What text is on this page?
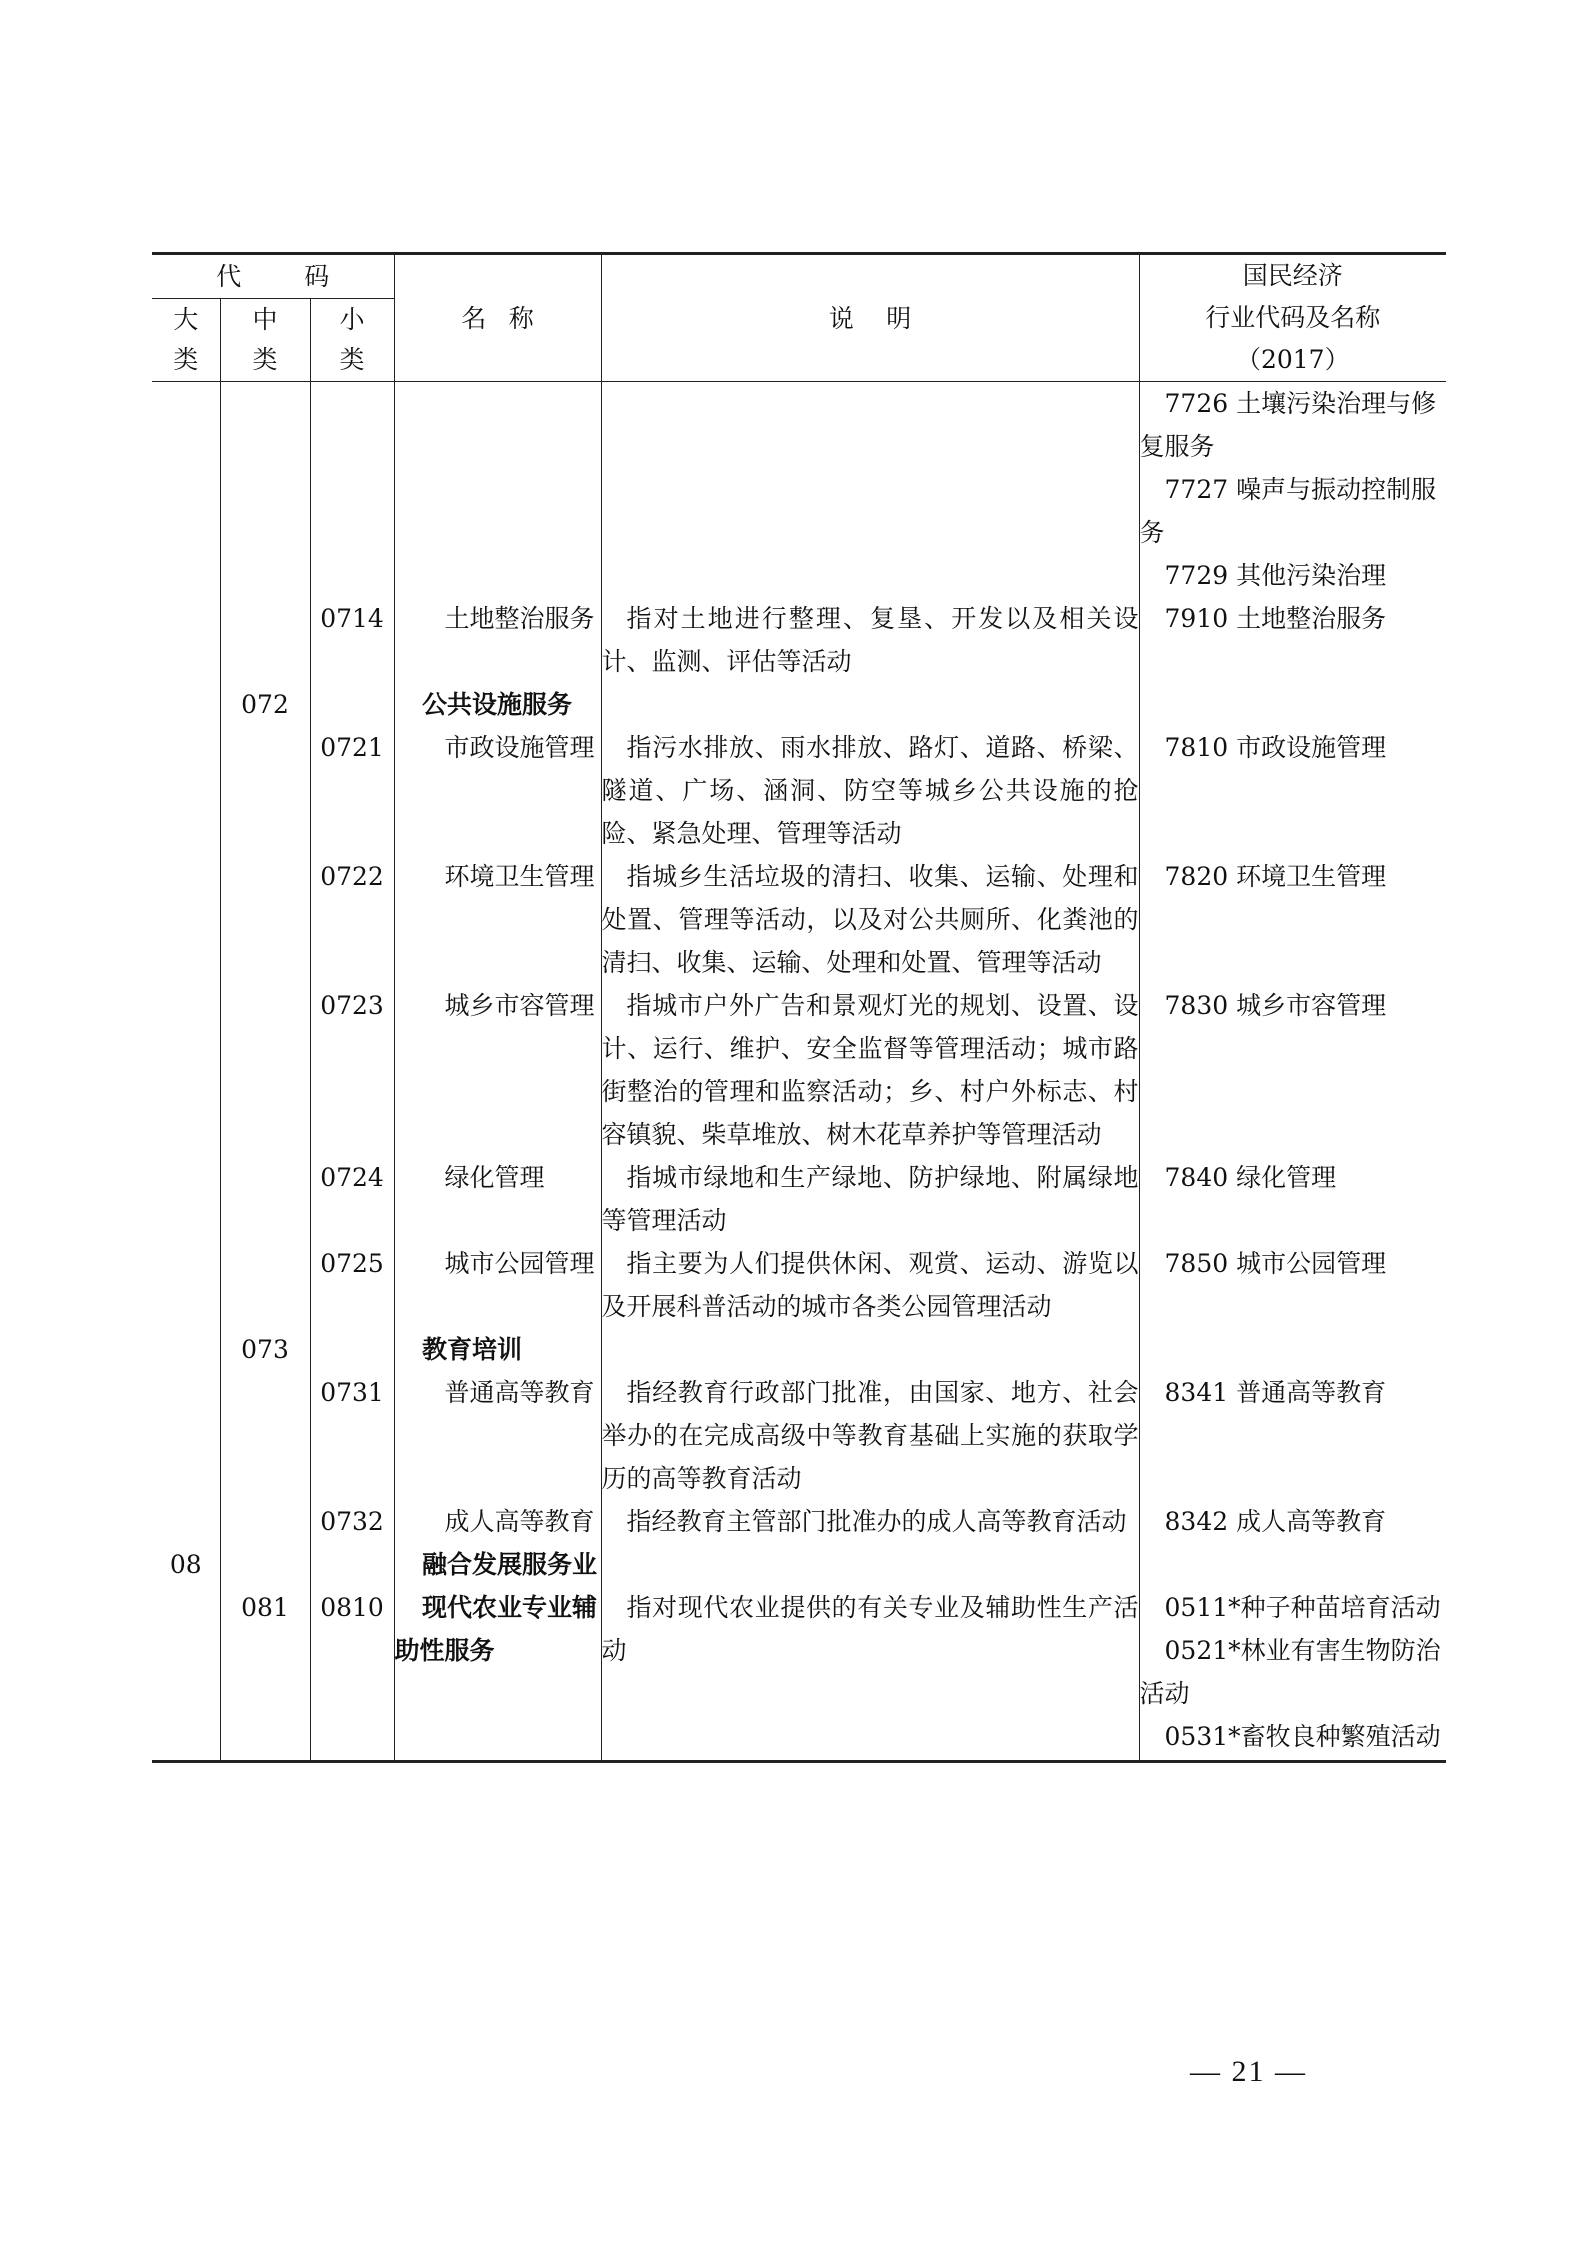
代 码			名称	说明	国民经济
行业代码及名称
（2017）

大类	中类	小类			

					7726 土壤污染治理与修复服务
7727 噪声与振动控制服务
7729 其他污染治理

		0714	土地整治服务	指对土地进行整理、复垦、开发以及相关设计、监测、评估等活动	7910 土地整治服务

	072		公共设施服务		

		0721	市政设施管理	指污水排放、雨水排放、路灯、道路、桥梁、隧道、广场、涵洞、防空等城乡公共设施的抢险、紧急处理、管理等活动	7810 市政设施管理

		0722	环境卫生管理	指城乡生活垃圾的清扫、收集、运输、处理和处置、管理等活动，以及对公共厕所、化粪池的清扫、收集、运输、处理和处置、管理等活动	7820 环境卫生管理

		0723	城乡市容管理	指城市户外广告和景观灯光的规划、设置、设计、运行、维护、安全监督等管理活动；城市路街整治的管理和监察活动；乡、村户外标志、村容镇貌、柴草堆放、树木花草养护等管理活动	7830 城乡市容管理

		0724	绿化管理	指城市绿地和生产绿地、防护绿地、附属绿地等管理活动	7840 绿化管理

		0725	城市公园管理	指主要为人们提供休闲、观赏、运动、游览以及开展科普活动的城市各类公园管理活动	7850 城市公园管理

	073		教育培训		

		0731	普通高等教育	指经教育行政部门批准，由国家、地方、社会举办的在完成高级中等教育基础上实施的获取学历的高等教育活动	8341 普通高等教育

		0732	成人高等教育	指经教育主管部门批准办的成人高等教育活动	8342 成人高等教育

08			融合发展服务业		

	081	0810	现代农业专业辅助性服务	指对现代农业提供的有关专业及辅助性生产活动	0511*种子种苗培育活动
0521*林业有害生物防治活动
0531*畜牧良种繁殖活动
— 21 —
